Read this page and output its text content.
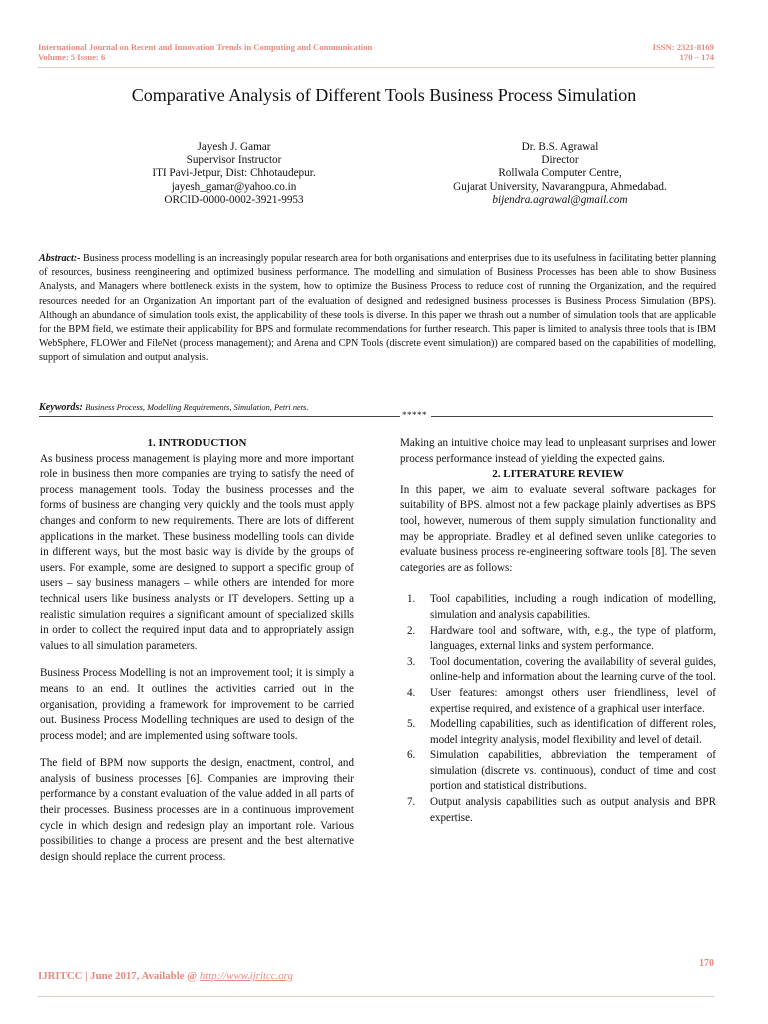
International Journal on Recent and Innovation Trends in Computing and Communication
Volume: 5 Issue: 6
ISSN: 2321-8169
170 – 174
Comparative Analysis of Different Tools Business Process Simulation
Jayesh J. Gamar
Supervisor Instructor
ITI Pavi-Jetpur, Dist: Chhotaudepur.
jayesh_gamar@yahoo.co.in
ORCID-0000-0002-3921-9953
Dr. B.S. Agrawal
Director
Rollwala Computer Centre,
Gujarat University, Navarangpura, Ahmedabad.
bijendra.agrawal@gmail.com
Abstract:- Business process modelling is an increasingly popular research area for both organisations and enterprises due to its usefulness in facilitating better planning of resources, business reengineering and optimized business performance. The modelling and simulation of Business Processes has been able to show Business Analysts, and Managers where bottleneck exists in the system, how to optimize the Business Process to reduce cost of running the Organization, and the required resources needed for an Organization An important part of the evaluation of designed and redesigned business processes is Business Process Simulation (BPS). Although an abundance of simulation tools exist, the applicability of these tools is diverse. In this paper we thrash out a number of simulation tools that are applicable for the BPM field, we estimate their applicability for BPS and formulate recommendations for further research. This paper is limited to analysis three tools that is IBM WebSphere, FLOWer and FileNet (process management); and Arena and CPN Tools (discrete event simulation)) are compared based on the capabilities of modelling, support of simulation and output analysis.
Keywords: Business Process, Modelling Requirements, Simulation, Petri nets.
*****
1. INTRODUCTION

As business process management is playing more and more important role in business then more companies are trying to satisfy the need of process management tools. Today the business processes and the forms of business are changing very quickly and the tools must apply changes and conform to new requirements. There are lots of different applications in the market. These business modelling tools can divide in different ways, but the most basic way is divide by the groups of users. For example, some are designed to support a specific group of users – say business managers – while others are intended for more technical users like business analysts or IT developers. Setting up a realistic simulation requires a significant amount of specialized skills in order to collect the required input data and to appropriately assign values to all simulation parameters.

Business Process Modelling is not an improvement tool; it is simply a means to an end. It outlines the activities carried out in the organisation, providing a framework for improvement to be carried out. Business Process Modelling techniques are used to design of the process model; and are implemented using software tools.

The field of BPM now supports the design, enactment, control, and analysis of business processes [6]. Companies are improving their performance by a constant evaluation of the value added in all parts of their processes. Business processes are in a continuous improvement cycle in which design and redesign play an important role. Various possibilities to change a process are present and the best alternative design should replace the current process.

Making an intuitive choice may lead to unpleasant surprises and lower process performance instead of yielding the expected gains.

2. LITERATURE REVIEW

In this paper, we aim to evaluate several software packages for suitability of BPS. almost not a few package plainly advertises as BPS tool, however, numerous of them supply simulation functionality and may be appropriate. Bradley et al defined seven unlike categories to evaluate business process re-engineering software tools [8]. The seven categories are as follows:

1. Tool capabilities, including a rough indication of modelling, simulation and analysis capabilities.
2. Hardware tool and software, with, e.g., the type of platform, languages, external links and system performance.
3. Tool documentation, covering the availability of several guides, online-help and information about the learning curve of the tool.
4. User features: amongst others user friendliness, level of expertise required, and existence of a graphical user interface.
5. Modelling capabilities, such as identification of different roles, model integrity analysis, model flexibility and level of detail.
6. Simulation capabilities, abbreviation the temperament of simulation (discrete vs. continuous), conduct of time and cost portion and statistical distributions.
7. Output analysis capabilities such as output analysis and BPR expertise.
170
IJRITCC | June 2017, Available @ http://www.ijritcc.org
